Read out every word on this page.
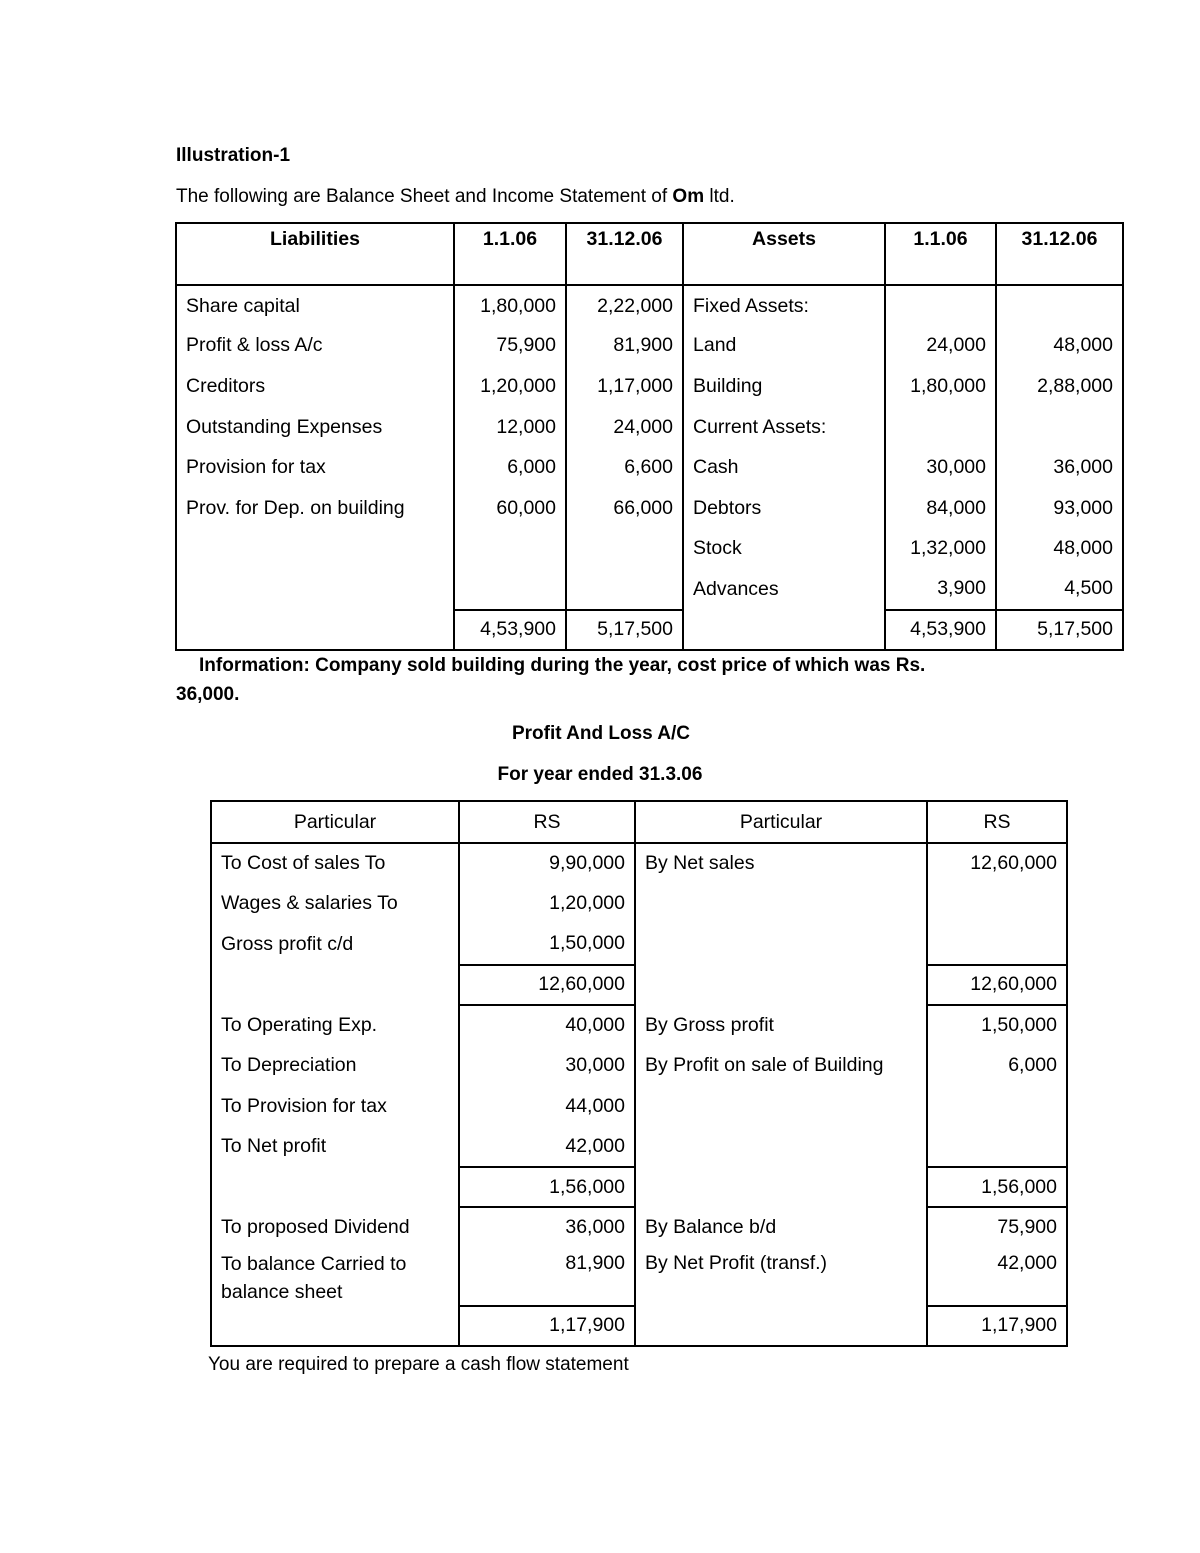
Illustration-1
The following are Balance Sheet and Income Statement of Om ltd.
Liabilities	1.1.06	31.12.06	Assets	1.1.06	31.12.06
Share capital	1,80,000	2,22,000	Fixed Assets:		
Profit & loss A/c	75,900	81,900	Land	24,000	48,000
Creditors	1,20,000	1,17,000	Building	1,80,000	2,88,000
Outstanding Expenses	12,000	24,000	Current Assets:		
Provision for tax	6,000	6,600	Cash	30,000	36,000
Prov. for Dep. on building	60,000	66,000	Debtors	84,000	93,000
			Stock	1,32,000	48,000
			Advances	3,900	4,500
	4,53,900	5,17,500		4,53,900	5,17,500
Information: Company sold building during the year, cost price of which was Rs.
36,000.
Profit And Loss A/C
For year ended 31.3.06
Particular	RS	Particular	RS
To Cost of sales To	9,90,000	By Net sales	12,60,000
Wages & salaries To	1,20,000		
Gross profit c/d	1,50,000		
	12,60,000		12,60,000
To Operating Exp.	40,000	By Gross profit	1,50,000
To Depreciation	30,000	By Profit on sale of Building	6,000
To Provision for tax	44,000		
To Net profit	42,000		
	1,56,000		1,56,000
To proposed Dividend	36,000	By Balance b/d	75,900
To balance Carried to balance sheet	81,900	By Net Profit (transf.)	42,000
	1,17,900		1,17,900
You are required to prepare a cash flow statement
